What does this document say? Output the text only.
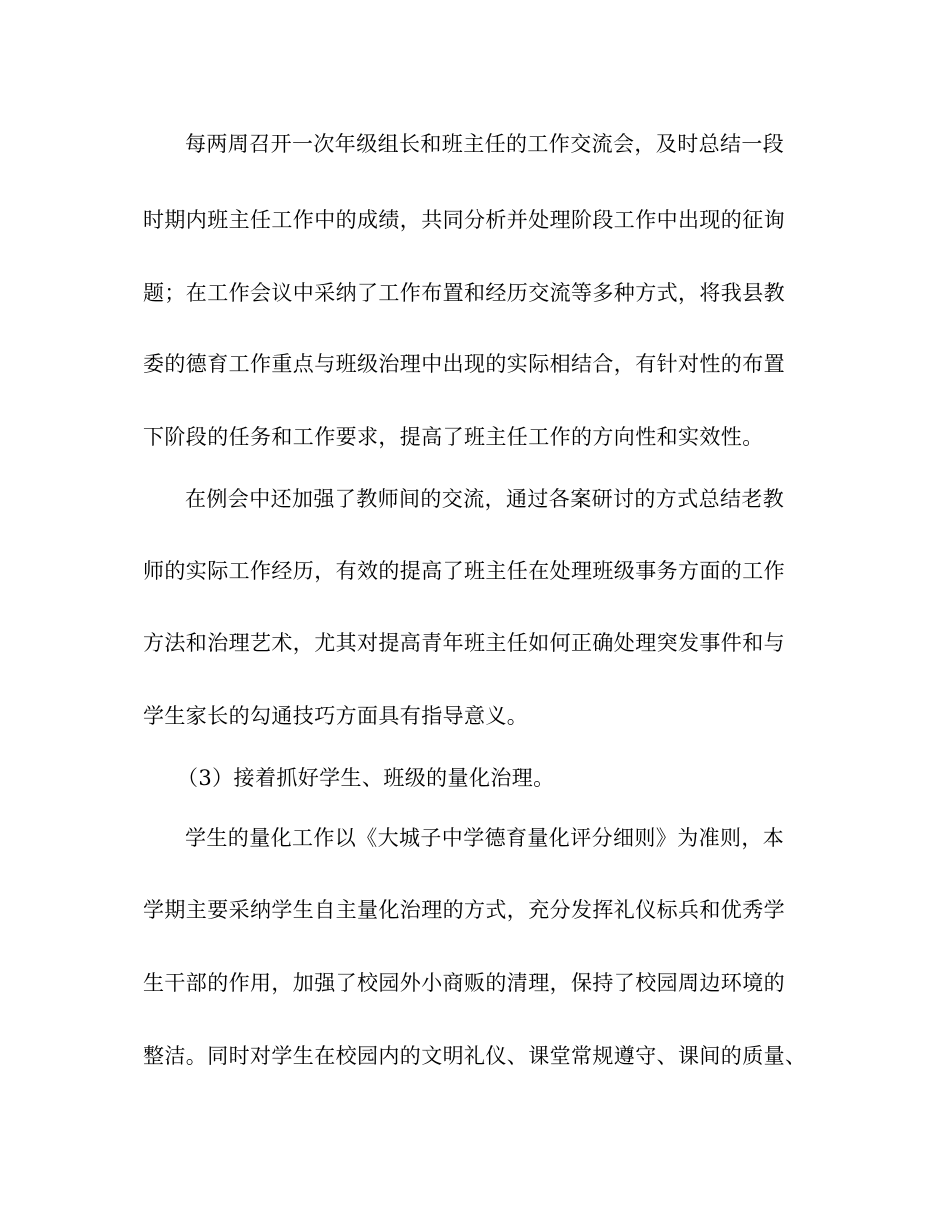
每两周召开一次年级组长和班主任的工作交流会，及时总结一段
时期内班主任工作中的成绩，共同分析并处理阶段工作中出现的征询
题；在工作会议中采纳了工作布置和经历交流等多种方式，将我县教
委的德育工作重点与班级治理中出现的实际相结合，有针对性的布置
下阶段的任务和工作要求，提高了班主任工作的方向性和实效性。
在例会中还加强了教师间的交流，通过各案研讨的方式总结老教
师的实际工作经历，有效的提高了班主任在处理班级事务方面的工作
方法和治理艺术，尤其对提高青年班主任如何正确处理突发事件和与
学生家长的勾通技巧方面具有指导意义。
（3）接着抓好学生、班级的量化治理。
学生的量化工作以《大城子中学德育量化评分细则》为准则，本
学期主要采纳学生自主量化治理的方式，充分发挥礼仪标兵和优秀学
生干部的作用，加强了校园外小商贩的清理，保持了校园周边环境的
整洁。同时对学生在校园内的文明礼仪、课堂常规遵守、课间的质量、
